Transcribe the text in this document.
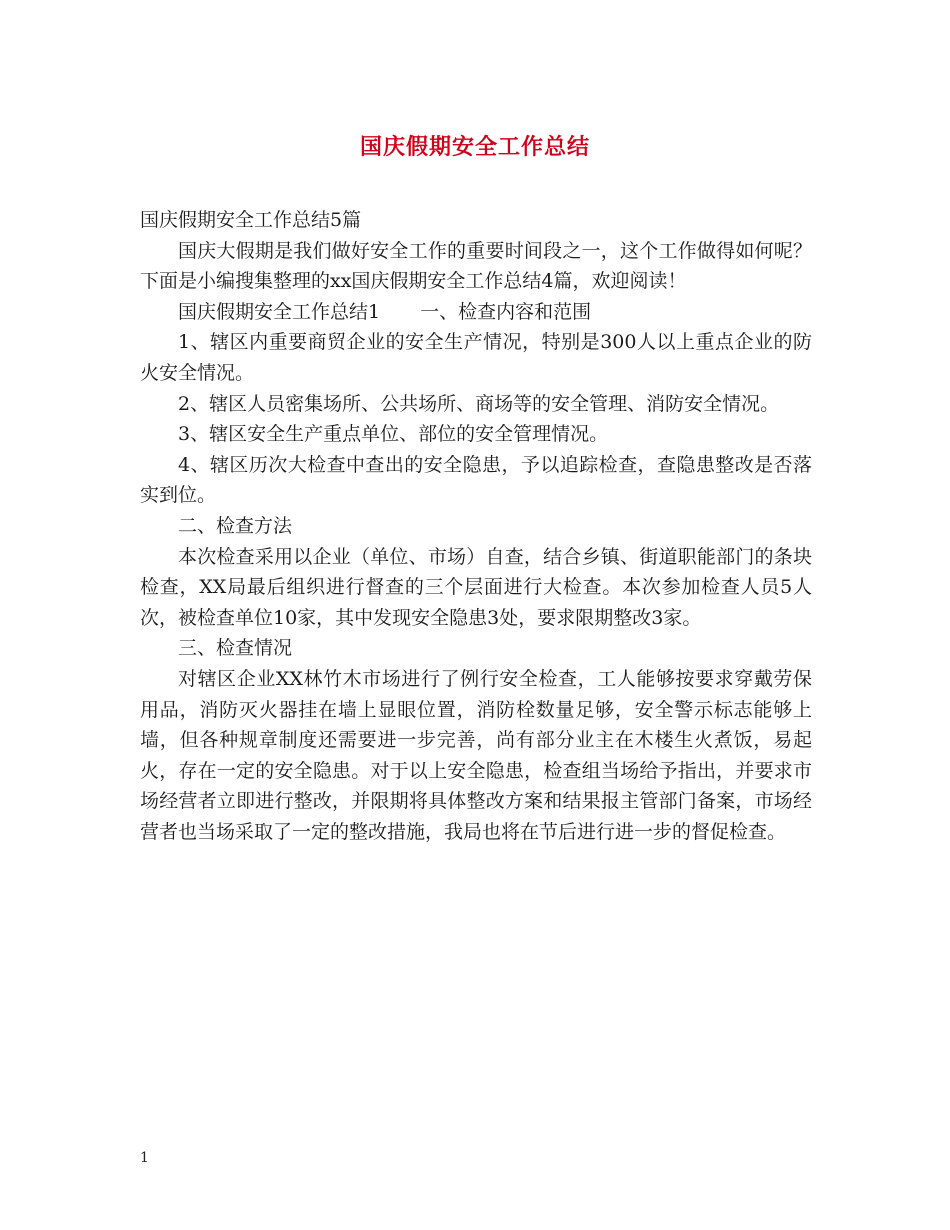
国庆假期安全工作总结

国庆假期安全工作总结5篇

国庆大假期是我们做好安全工作的重要时间段之一，这个工作做得如何呢？下面是小编搜集整理的xx国庆假期安全工作总结4篇，欢迎阅读！

国庆假期安全工作总结1 一、检查内容和范围

1、辖区内重要商贸企业的安全生产情况，特别是300人以上重点企业的防火安全情况。

2、辖区人员密集场所、公共场所、商场等的安全管理、消防安全情况。

3、辖区安全生产重点单位、部位的安全管理情况。

4、辖区历次大检查中查出的安全隐患，予以追踪检查，查隐患整改是否落实到位。

二、检查方法

本次检查采用以企业（单位、市场）自查，结合乡镇、街道职能部门的条块检查，XX局最后组织进行督查的三个层面进行大检查。本次参加检查人员5人次，被检查单位10家，其中发现安全隐患3处，要求限期整改3家。

三、检查情况

对辖区企业XX林竹木市场进行了例行安全检查，工人能够按要求穿戴劳保用品，消防灭火器挂在墙上显眼位置，消防栓数量足够，安全警示标志能够上墙，但各种规章制度还需要进一步完善，尚有部分业主在木楼生火煮饭，易起火，存在一定的安全隐患。对于以上安全隐患，检查组当场给予指出，并要求市场经营者立即进行整改，并限期将具体整改方案和结果报主管部门备案，市场经营者也当场采取了一定的整改措施，我局也将在节后进行进一步的督促检查。

1
